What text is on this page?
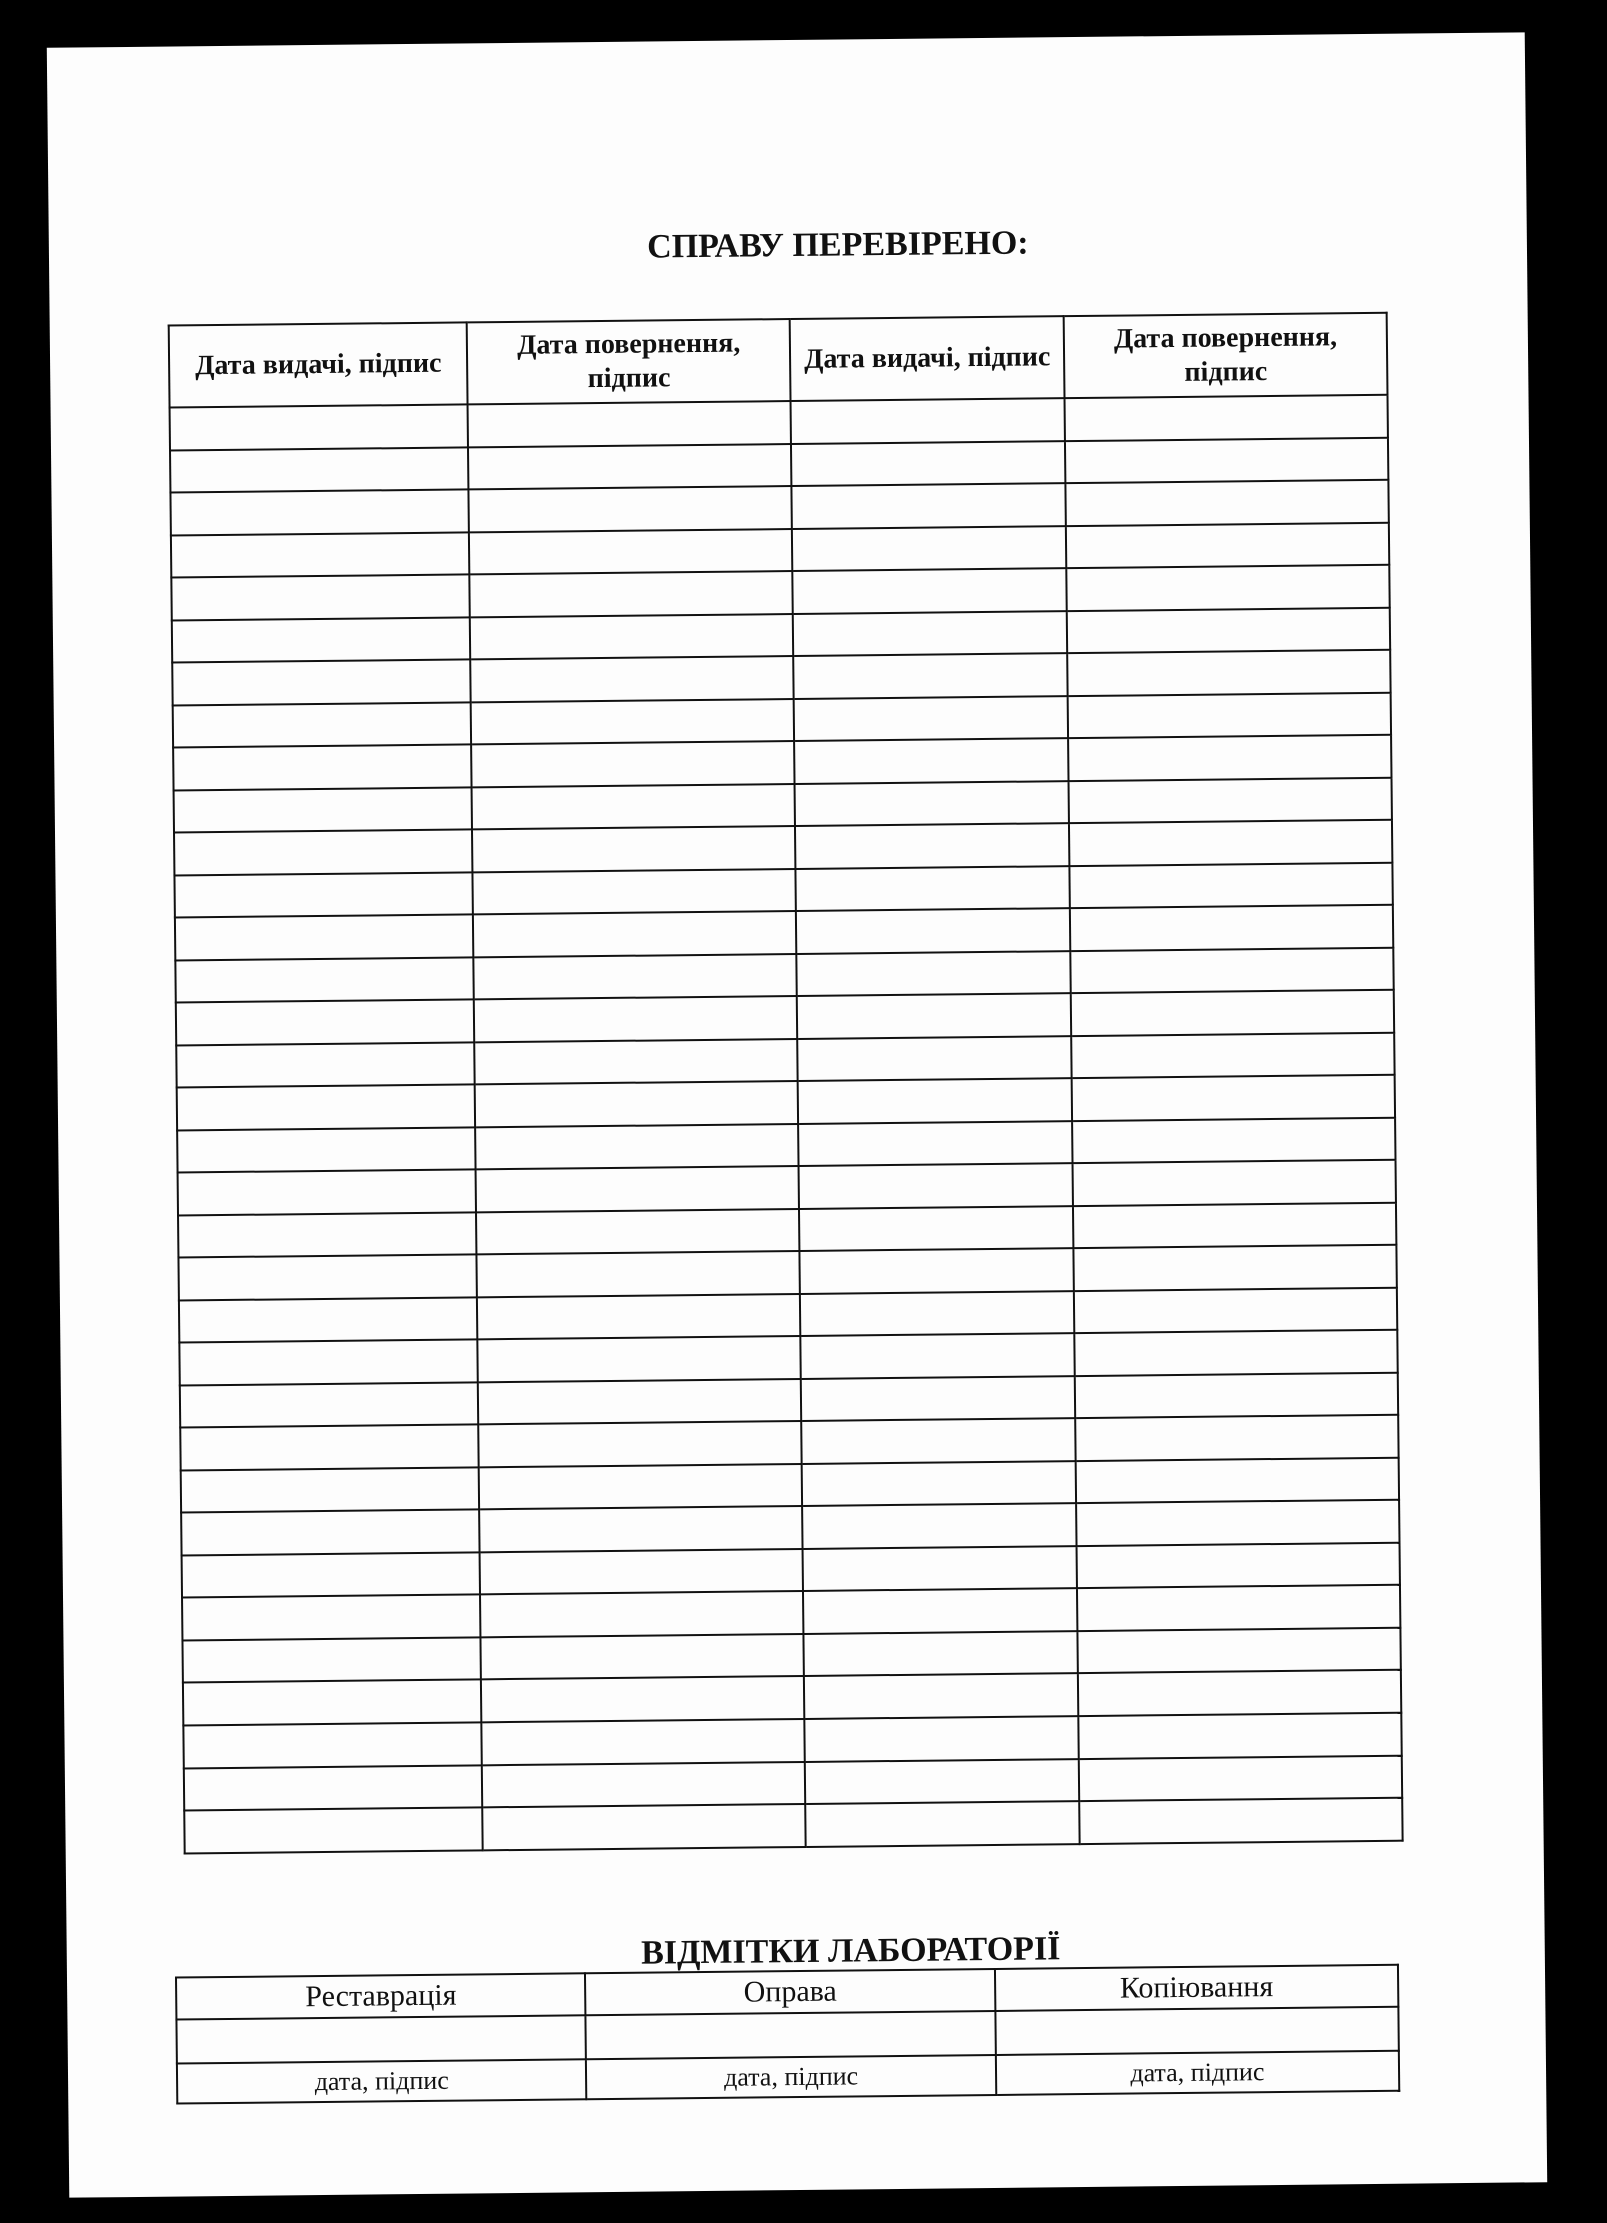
СПРАВУ ПЕРЕВІРЕНО:
Дата видачі, підпис	Дата повернення, підпис	Дата видачі, підпис	Дата повернення, підпис

ВІДМІТКИ ЛАБОРАТОРІЇ
Реставрація	Оправа	Копіювання

дата, підпис	дата, підпис	дата, підпис
